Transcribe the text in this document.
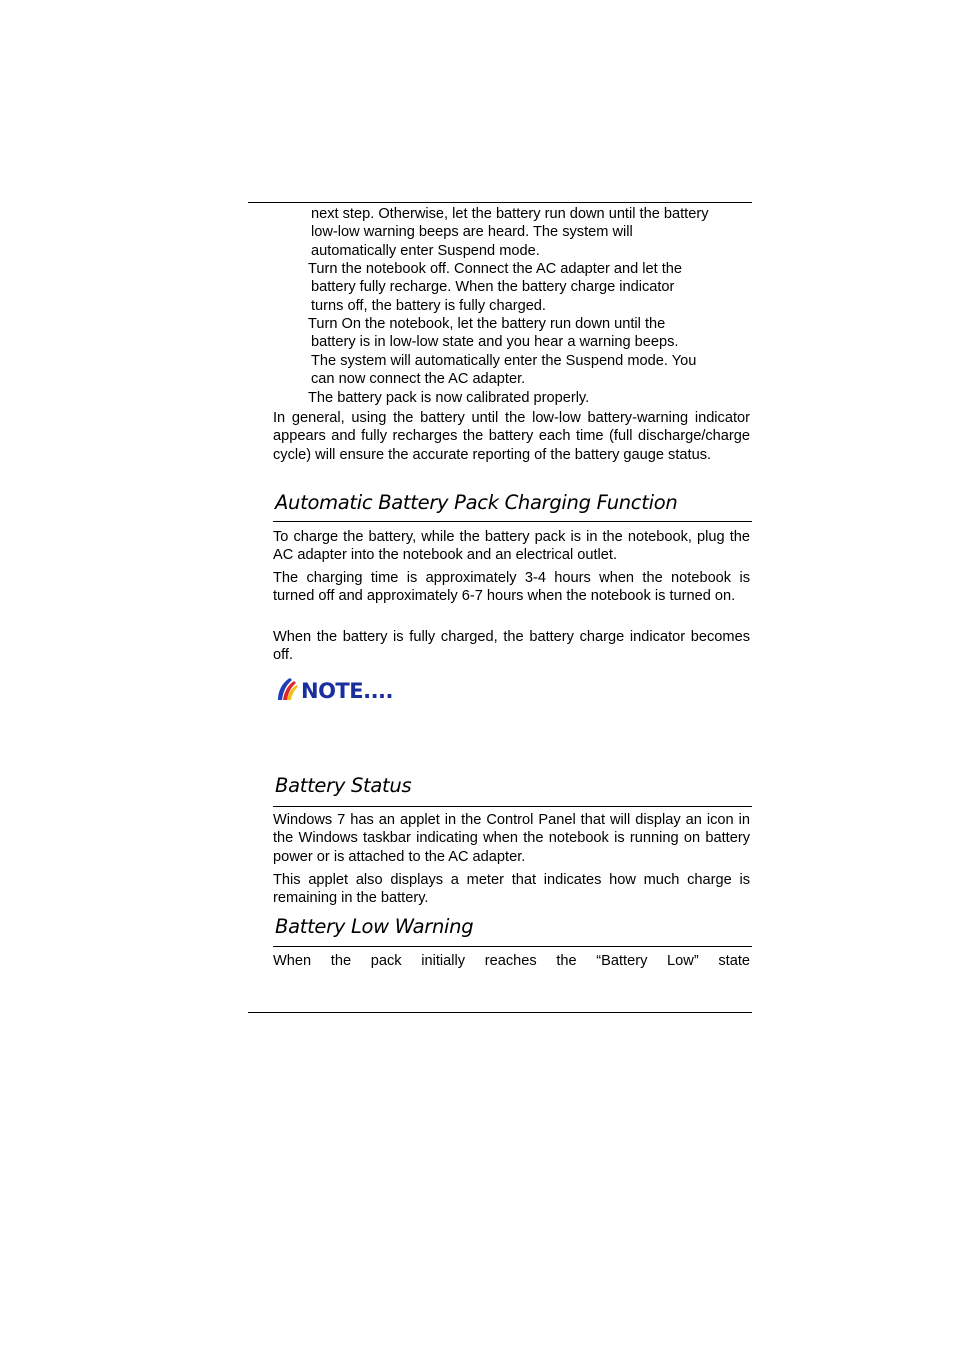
next step. Otherwise, let the battery run down until the battery
low-low warning beeps are heard. The system will
automatically enter Suspend mode.
Turn the notebook off. Connect the AC adapter and let the
battery fully recharge. When the battery charge indicator
turns off, the battery is fully charged.
Turn On the notebook, let the battery run down until the
battery is in low-low state and you hear a warning beeps.
The system will automatically enter the Suspend mode. You
can now connect the AC adapter.
The battery pack is now calibrated properly.

In general, using the battery until the low-low battery-warning indicator appears and fully recharges the battery each time (full discharge/charge cycle) will ensure the accurate reporting of the battery gauge status.

Automatic Battery Pack Charging Function

To charge the battery, while the battery pack is in the notebook, plug the AC adapter into the notebook and an electrical outlet.

The charging time is approximately 3-4 hours when the notebook is turned off and approximately 6-7 hours when the notebook is turned on.

When the battery is fully charged, the battery charge indicator becomes off.

NOTE....
Battery Status

Windows 7 has an applet in the Control Panel that will display an icon in the Windows taskbar indicating when the notebook is running on battery power or is attached to the AC adapter.

This applet also displays a meter that indicates how much charge is remaining in the battery.

Battery Low Warning

When the pack initially reaches the “Battery Low” state
